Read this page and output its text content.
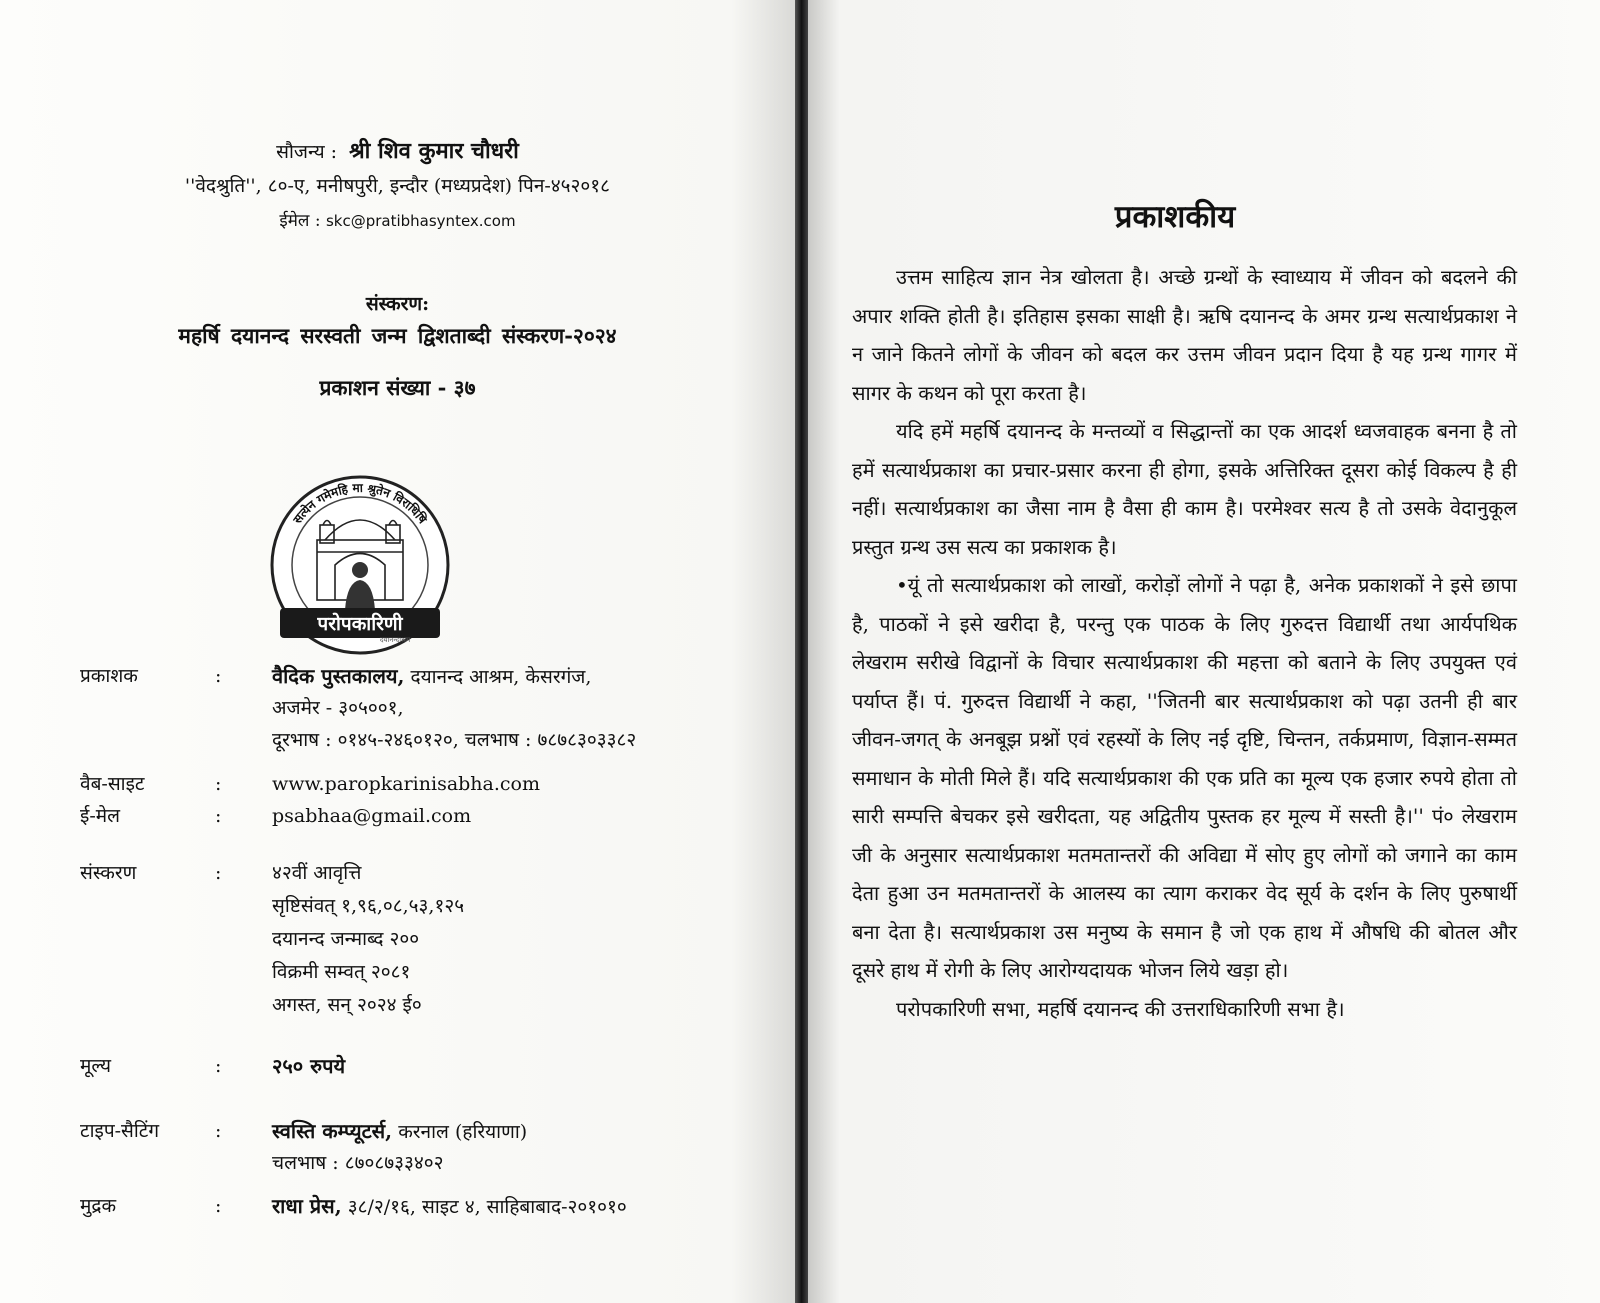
सौजन्य : श्री शिव कुमार चौधरी
''वेदश्रुति'', ८०-ए, मनीषपुरी, इन्दौर (मध्यप्रदेश) पिन-४५२०१८
ईमेल : skc@pratibhasyntex.com
संस्करण:
महर्षि दयानन्द सरस्वती जन्म द्विशताब्दी संस्करण-२०२४
प्रकाशन संख्या - ३७
सत्येन गमेमहि मा श्रुतेन विराधिषि
परोपकारिणी
दयानन्दाश्रम
प्रकाशक	:	वैदिक पुस्तकालय, दयानन्द आश्रम, केसरगंज,
अजमेर - ३०५००१,
दूरभाष : ०१४५-२४६०१२०, चलभाष : ७८७८३०३३८२
वैब-साइट	:	www.paropkarinisabha.com
ई-मेल	:	psabhaa@gmail.com
संस्करण	:	४२वीं आवृत्ति
सृष्टिसंवत् १,९६,०८,५३,१२५
दयानन्द जन्माब्द २००
विक्रमी सम्वत् २०८१
अगस्त, सन् २०२४ ई०
मूल्य	:	२५० रुपये
टाइप-सैटिंग	:	स्वस्ति कम्प्यूटर्स, करनाल (हरियाणा)
चलभाष : ८७०८७३३४०२
मुद्रक	:	राधा प्रेस, ३८/२/१६, साइट ४, साहिबाबाद-२०१०१०
प्रकाशकीय

उत्तम साहित्य ज्ञान नेत्र खोलता है। अच्छे ग्रन्थों के स्वाध्याय में जीवन को बदलने की अपार शक्ति होती है। इतिहास इसका साक्षी है। ऋषि दयानन्द के अमर ग्रन्थ सत्यार्थप्रकाश ने न जाने कितने लोगों के जीवन को बदल कर उत्तम जीवन प्रदान दिया है यह ग्रन्थ गागर में सागर के कथन को पूरा करता है।

यदि हमें महर्षि दयानन्द के मन्तव्यों व सिद्धान्तों का एक आदर्श ध्वजवाहक बनना है तो हमें सत्यार्थप्रकाश का प्रचार-प्रसार करना ही होगा, इसके अत्तिरिक्त दूसरा कोई विकल्प है ही नहीं। सत्यार्थप्रकाश का जैसा नाम है वैसा ही काम है। परमेश्वर सत्य है तो उसके वेदानुकूल प्रस्तुत ग्रन्थ उस सत्य का प्रकाशक है।

•यूं तो सत्यार्थप्रकाश को लाखों, करोड़ों लोगों ने पढ़ा है, अनेक प्रकाशकों ने इसे छापा है, पाठकों ने इसे खरीदा है, परन्तु एक पाठक के लिए गुरुदत्त विद्यार्थी तथा आर्यपथिक लेखराम सरीखे विद्वानों के विचार सत्यार्थप्रकाश की महत्ता को बताने के लिए उपयुक्त एवं पर्याप्त हैं। पं. गुरुदत्त विद्यार्थी ने कहा, ''जितनी बार सत्यार्थप्रकाश को पढ़ा उतनी ही बार जीवन-जगत् के अनबूझ प्रश्नों एवं रहस्यों के लिए नई दृष्टि, चिन्तन, तर्कप्रमाण, विज्ञान-सम्मत समाधान के मोती मिले हैं। यदि सत्यार्थप्रकाश की एक प्रति का मूल्य एक हजार रुपये होता तो सारी सम्पत्ति बेचकर इसे खरीदता, यह अद्वितीय पुस्तक हर मूल्य में सस्ती है।'' पं० लेखराम जी के अनुसार सत्यार्थप्रकाश मतमतान्तरों की अविद्या में सोए हुए लोगों को जगाने का काम देता हुआ उन मतमतान्तरों के आलस्य का त्याग कराकर वेद सूर्य के दर्शन के लिए पुरुषार्थी बना देता है। सत्यार्थप्रकाश उस मनुष्य के समान है जो एक हाथ में औषधि की बोतल और दूसरे हाथ में रोगी के लिए आरोग्यदायक भोजन लिये खड़ा हो।

परोपकारिणी सभा, महर्षि दयानन्द की उत्तराधिकारिणी सभा है।
